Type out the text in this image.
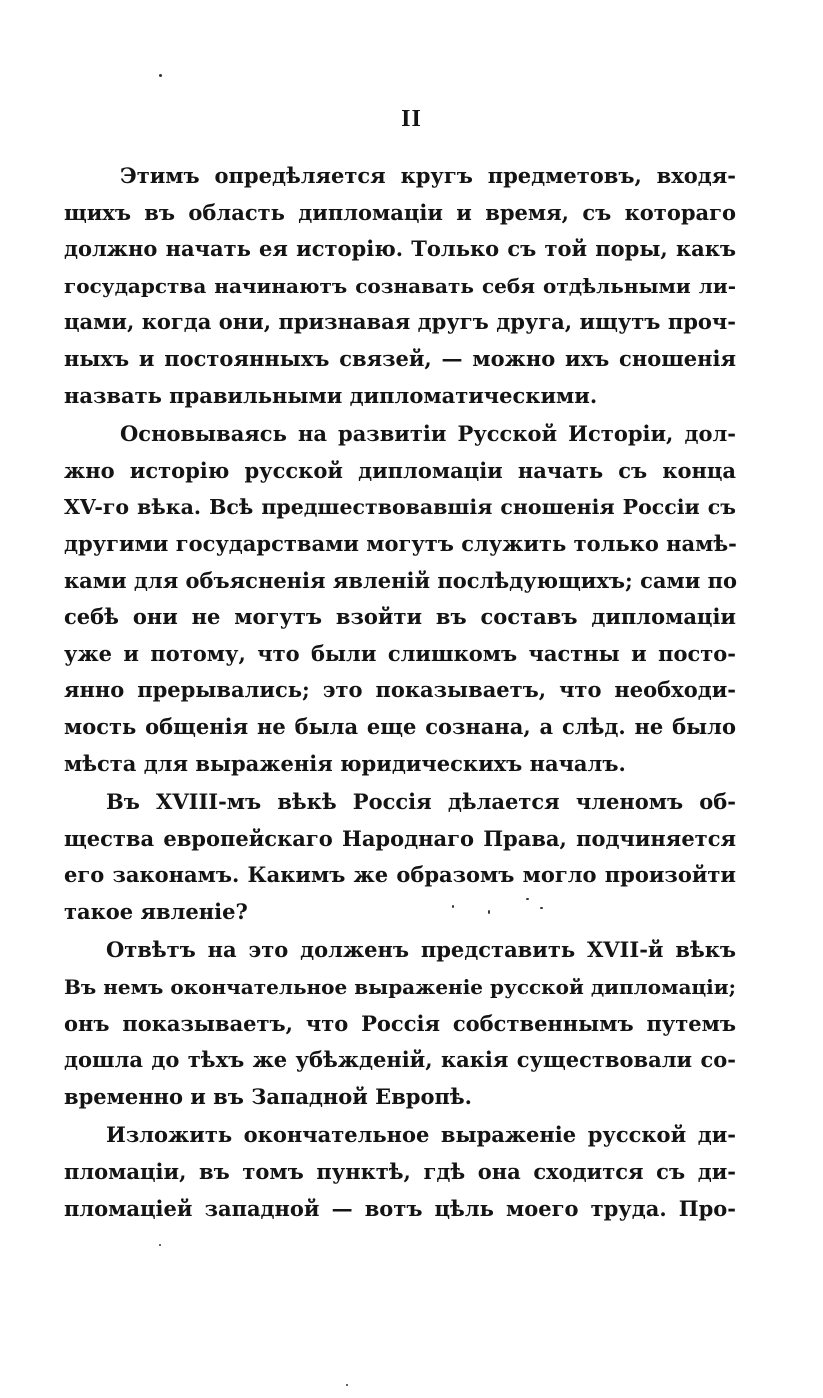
II
Этимъ опредѣляется кругъ предметовъ, входя-
щихъ въ область дипломаціи и время, съ котораго
должно начать ея исторію. Только съ той поры, какъ
государства начинаютъ сознавать себя отдѣльными ли-
цами, когда они, признавая другъ друга, ищутъ проч-
ныхъ и постоянныхъ связей, — можно ихъ сношенія
назвать правильными дипломатическими.
Основываясь на развитіи Русской Исторіи, дол-
жно исторію русской дипломаціи начать съ конца
XV-го вѣка. Всѣ предшествовавшія сношенія Россіи съ
другими государствами могутъ служить только намѣ-
ками для объясненія явленій послѣдующихъ; сами по
себѣ они не могутъ взойти въ составъ дипломаціи
уже и потому, что были слишкомъ частны и посто-
янно прерывались; это показываетъ, что необходи-
мость общенія не была еще сознана, а слѣд. не было
мѣста для выраженія юридическихъ началъ.
Въ XVIII-мъ вѣкѣ Россія дѣлается членомъ об-
щества европейскаго Народнаго Права, подчиняется
его законамъ. Какимъ же образомъ могло произойти
такое явленіе?
Отвѣтъ на это долженъ представить XVII-й вѣкъ
Въ немъ окончательное выраженіе русской дипломаціи;
онъ показываетъ, что Россія собственнымъ путемъ
дошла до тѣхъ же убѣжденій, какія существовали со-
временно и въ Западной Европѣ.
Изложить окончательное выраженіе русской ди-
пломаціи, въ томъ пунктѣ, гдѣ она сходится съ ди-
пломаціей западной — вотъ цѣль моего труда. Про-
